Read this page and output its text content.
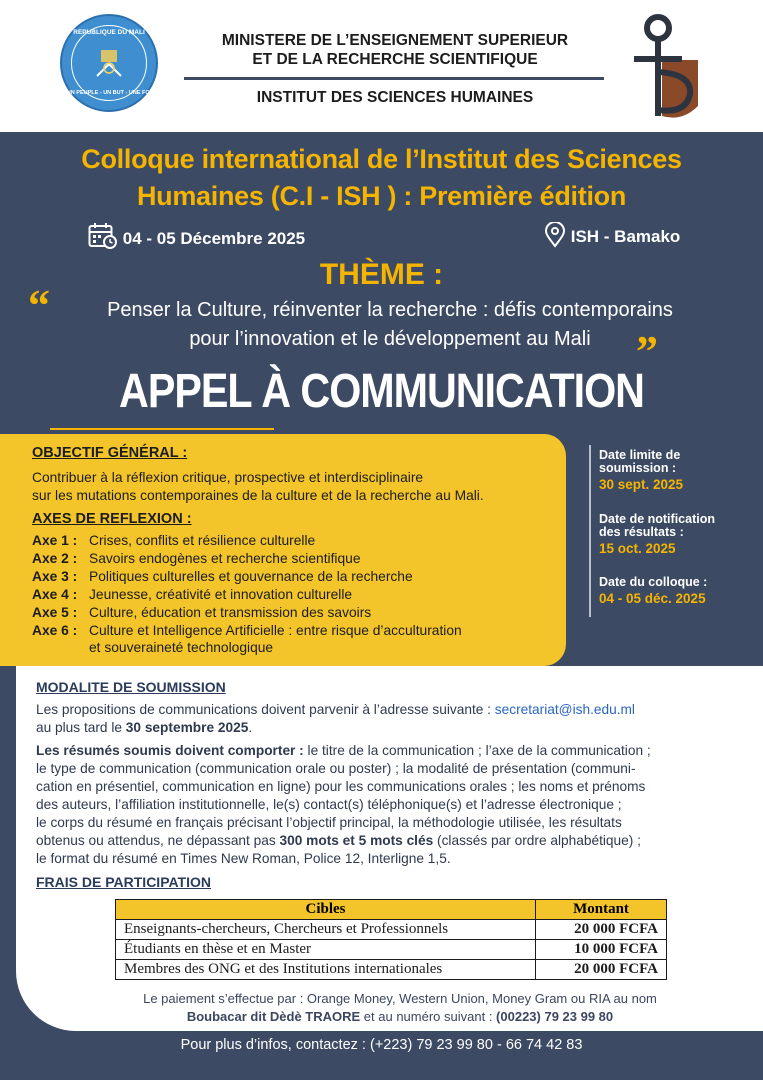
REPUBLIQUE DU MALI
UN PEUPLE - UN BUT - UNE FOI
MINISTERE DE L’ENSEIGNEMENT SUPERIEUR
ET DE LA RECHERCHE SCIENTIFIQUE
INSTITUT DES SCIENCES HUMAINES
Colloque international de l’Institut des Sciences
Humaines (C.I - ISH ) : Première édition
04 - 05 Décembre 2025	ISH - Bamako
THÈME :
“	Penser la Culture, réinventer la recherche : défis contemporains
pour l’innovation et le développement au Mali	”
APPEL À COMMUNICATION
OBJECTIF GÉNÉRAL :
Contribuer à la réflexion critique, prospective et interdisciplinaire
sur les mutations contemporaines de la culture et de la recherche au Mali.
AXES DE REFLEXION :
Axe 1 : Crises, conflits et résilience culturelle
Axe 2 : Savoirs endogènes et recherche scientifique
Axe 3 : Politiques culturelles et gouvernance de la recherche
Axe 4 : Jeunesse, créativité et innovation culturelle
Axe 5 : Culture, éducation et transmission des savoirs
Axe 6 : Culture et Intelligence Artificielle : entre risque d’acculturation
et souveraineté technologique
Date limite de
soumission :
30 sept. 2025
Date de notification
des résultats :
15 oct. 2025
Date du colloque :
04 - 05 déc. 2025
MODALITE DE SOUMISSION
Les propositions de communications doivent parvenir à l’adresse suivante : secretariat@ish.edu.ml
au plus tard le 30 septembre 2025.
Les résumés soumis doivent comporter : le titre de la communication ; l’axe de la communication ;
le type de communication (communication orale ou poster) ; la modalité de présentation (communi-
cation en présentiel, communication en ligne) pour les communications orales ; les noms et prénoms
des auteurs, l’affiliation institutionnelle, le(s) contact(s) téléphonique(s) et l’adresse électronique ;
le corps du résumé en français précisant l’objectif principal, la méthodologie utilisée, les résultats
obtenus ou attendus, ne dépassant pas 300 mots et 5 mots clés (classés par ordre alphabétique) ;
le format du résumé en Times New Roman, Police 12, Interligne 1,5.
FRAIS DE PARTICIPATION
Cibles	Montant
Enseignants-chercheurs, Chercheurs et Professionnels	20 000 FCFA
Étudiants en thèse et en Master	10 000 FCFA
Membres des ONG et des Institutions internationales	20 000 FCFA
Le paiement s’effectue par : Orange Money, Western Union, Money Gram ou RIA au nom
Boubacar dit Dèdè TRAORE et au numéro suivant : (00223) 79 23 99 80
Pour plus d’infos, contactez : (+223) 79 23 99 80 - 66 74 42 83
